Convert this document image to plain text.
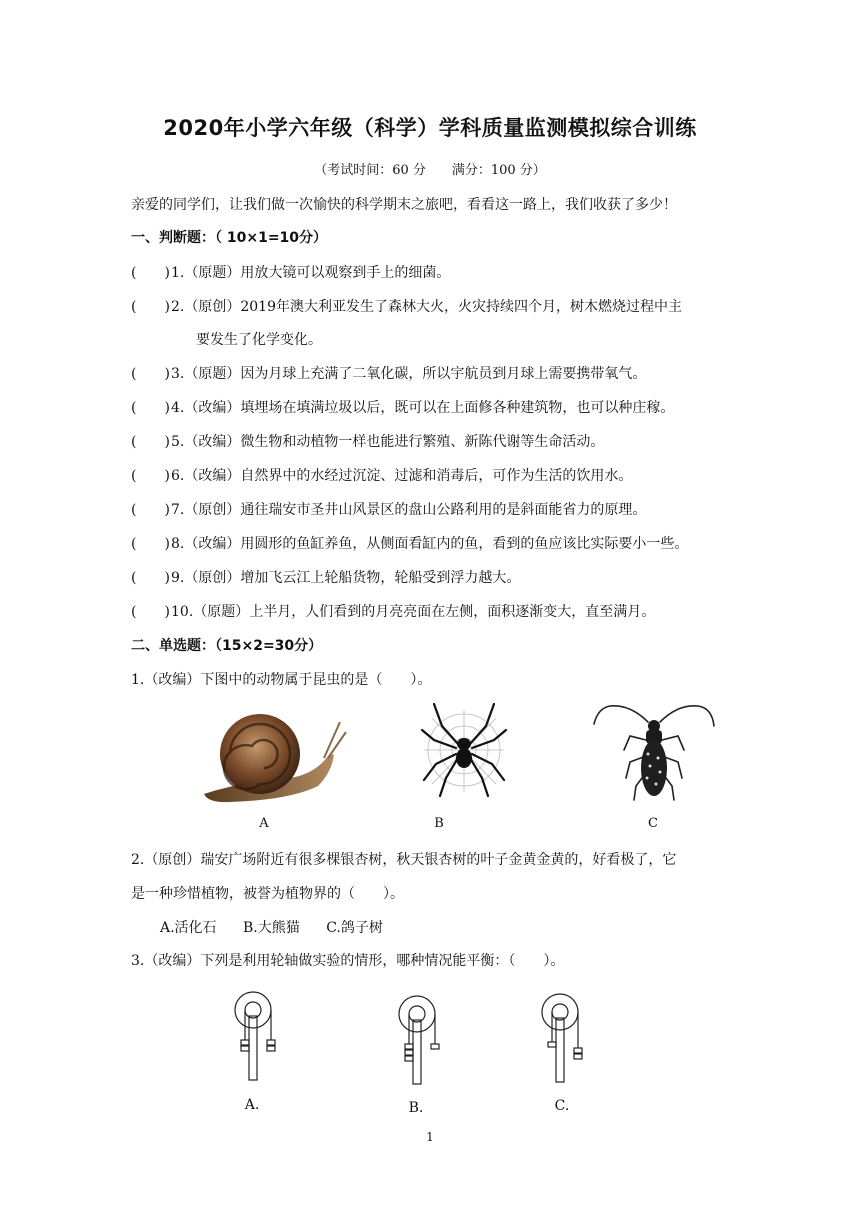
2020年小学六年级（科学）学科质量监测模拟综合训练
（考试时间：60 分　　满分：100 分）
亲爱的同学们，让我们做一次愉快的科学期末之旅吧，看看这一路上，我们收获了多少！
一、判断题：（ 10×1=10分）
(　　)1.（原题）用放大镜可以观察到手上的细菌。
(　　)2.（原创）2019年澳大利亚发生了森林大火，火灾持续四个月，树木燃烧过程中主
要发生了化学变化。
(　　)3.（原题）因为月球上充满了二氧化碳，所以宇航员到月球上需要携带氧气。
(　　)4.（改编）填埋场在填满垃圾以后，既可以在上面修各种建筑物，也可以种庄稼。
(　　)5.（改编）微生物和动植物一样也能进行繁殖、新陈代谢等生命活动。
(　　)6.（改编）自然界中的水经过沉淀、过滤和消毒后，可作为生活的饮用水。
(　　)7.（原创）通往瑞安市圣井山风景区的盘山公路利用的是斜面能省力的原理。
(　　)8.（改编）用圆形的鱼缸养鱼，从侧面看缸内的鱼，看到的鱼应该比实际要小一些。
(　　)9.（原创）增加飞云江上轮船货物，轮船受到浮力越大。
(　　)10.（原题）上半月，人们看到的月亮亮面在左侧，面积逐渐变大，直至满月。
二、单选题：（15×2=30分）
1.（改编）下图中的动物属于昆虫的是（　　）。
A	B	C
2.（原创）瑞安广场附近有很多棵银杏树，秋天银杏树的叶子金黄金黄的，好看极了，它
是一种珍惜植物，被誉为植物界的（　　）。
A.活化石 B.大熊猫 C.鸽子树
3.（改编）下列是利用轮轴做实验的情形，哪种情况能平衡：（　　）。
A.	B.	C.
1
